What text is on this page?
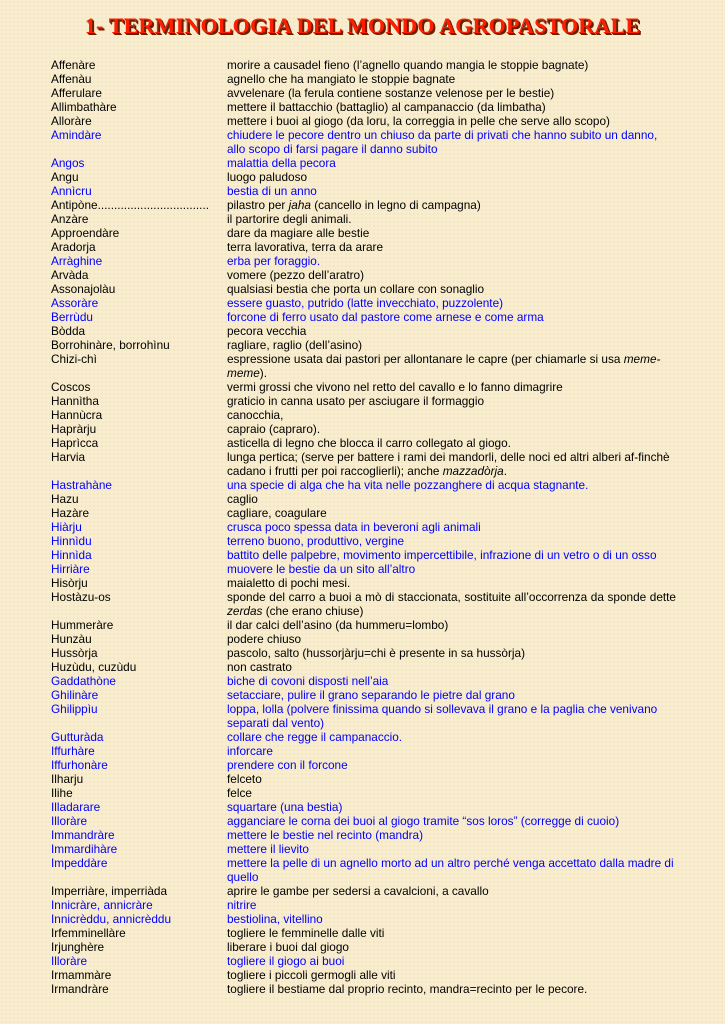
1- TERMINOLOGIA DEL MONDO AGROPASTORALE
Affenàre	morire a causadel fieno (l’agnello quando mangia le stoppie bagnate)
Affenàu	agnello che ha mangiato le stoppie bagnate
Afferulare	avvelenare (la ferula contiene sostanze velenose per le bestie)
Allimbathàre	mettere il battacchio (battaglio) al campanaccio (da limbatha)
Alloràre	mettere i buoi al giogo (da loru, la correggia in pelle che serve allo scopo)
Amindàre	chiudere le pecore dentro un chiuso da parte di privati che hanno subito un danno, allo scopo di farsi pagare il danno subito
Angos	malattia della pecora
Angu	luogo paludoso
Annìcru	bestia di un anno
Antipòne..................................	pilastro per jaha (cancello in legno di campagna)
Anzàre	il partorire degli animali.
Approendàre	dare da magiare alle bestie
Aradorja	terra lavorativa, terra da arare
Arràghine	erba per foraggio.
Arvàda	vomere (pezzo dell’aratro)
Assonajolàu	qualsiasi bestia che porta un collare con sonaglio
Assoràre	essere guasto, putrido (latte invecchiato, puzzolente)
Berrùdu	forcone di ferro usato dal pastore come arnese e come arma
Bòdda	pecora vecchia
Borrohinàre, borrohìnu	ragliare, raglio (dell’asino)
Chizi-chì	espressione usata dai pastori per allontanare le capre (per chiamarle si usa meme-meme).
Coscos	vermi grossi che vivono nel retto del cavallo e lo fanno dimagrire
Hannìtha	graticio in canna usato per asciugare il formaggio
Hannùcra	canocchia,
Hapràrju	capraio (capraro).
Haprìcca	asticella di legno che blocca il carro collegato al giogo.
Harvia	lunga pertica; (serve per battere i rami dei mandorli, delle noci ed altri alberi af-finchè cadano i frutti per poi raccoglierli); anche mazzadòrja.
Hastrahàne	una specie di alga che ha vita nelle pozzanghere di acqua stagnante.
Hazu	caglio
Hazàre	cagliare, coagulare
Hiàrju	crusca poco spessa data in beveroni agli animali
Hinnìdu	terreno buono, produttivo, vergine
Hinnìda	battito delle palpebre, movimento impercettibile, infrazione di un vetro o di un osso
Hirriàre	muovere le bestie da un sito all’altro
Hisòrju	maialetto di pochi mesi.
Hostàzu-os	sponde del carro a buoi a mò di staccionata, sostituite all’occorrenza da sponde dette zerdas (che erano chiuse)
Hummeràre	il dar calci dell’asino (da hummeru=lombo)
Hunzàu	podere chiuso
Hussòrja	pascolo, salto (hussorjàrju=chi è presente in sa hussòrja)
Huzùdu, cuzùdu	non castrato
Gaddathòne	biche di covoni disposti nell’aia
Ghilinàre	setacciare, pulire il grano separando le pietre dal grano
Ghilippìu	loppa, lolla (polvere finissima quando si sollevava il grano e la paglia che venivano separati dal vento)
Gutturàda	collare che regge il campanaccio.
Iffurhàre	inforcare
Iffurhonàre	prendere con il forcone
Ilharju	felceto
Ilihe	felce
Illadarare	squartare (una bestia)
Illoràre	agganciare le corna dei buoi al giogo tramite “sos loros” (corregge di cuoio)
Immandràre	mettere le bestie nel recinto (mandra)
Immardihàre	mettere il lievito
Impeddàre	mettere la pelle di un agnello morto ad un altro perché venga accettato dalla madre di quello
Imperriàre, imperriàda	aprire le gambe per sedersi a cavalcioni, a cavallo
Innicràre, annicràre	nitrire
Innicrèddu, annicrèddu	bestiolina, vitellino
Irfemminellàre	togliere le femminelle dalle viti
Irjunghère	liberare i buoi dal giogo
Illoràre	togliere il giogo ai buoi
Irmammàre	togliere i piccoli germogli alle viti
Irmandràre	togliere il bestiame dal proprio recinto, mandra=recinto per le pecore.
